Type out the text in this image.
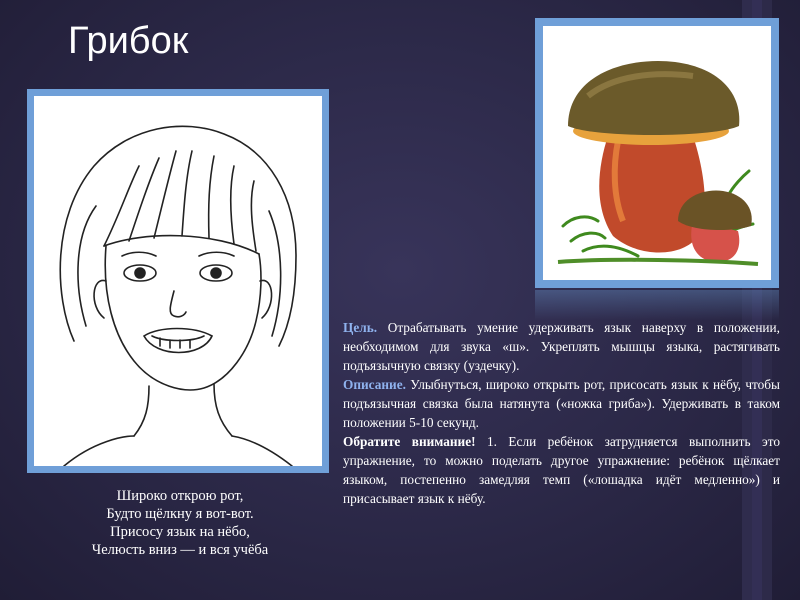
Грибок
Широко открою рот,
Будто щёлкну я вот-вот.
Присосу язык на нёбо,
Челюсть вниз — и вся учёба

Цель. Отрабатывать умение удерживать язык наверху в положении, необходимом для звука «ш». Укреплять мышцы языка, растягивать подъязычную связку (уздечку).

Описание. Улыбнуться, широко открыть рот, присосать язык к нёбу, чтобы подъязычная связка была натянута («ножка гриба»). Удерживать в таком положении 5-10 секунд.

Обратите внимание! 1. Если ребёнок затрудняется выполнить это упражнение, то можно поделать другое упражнение: ребёнок щёлкает языком, постепенно замедляя темп («лошадка идёт медленно») и присасывает язык к нёбу.
